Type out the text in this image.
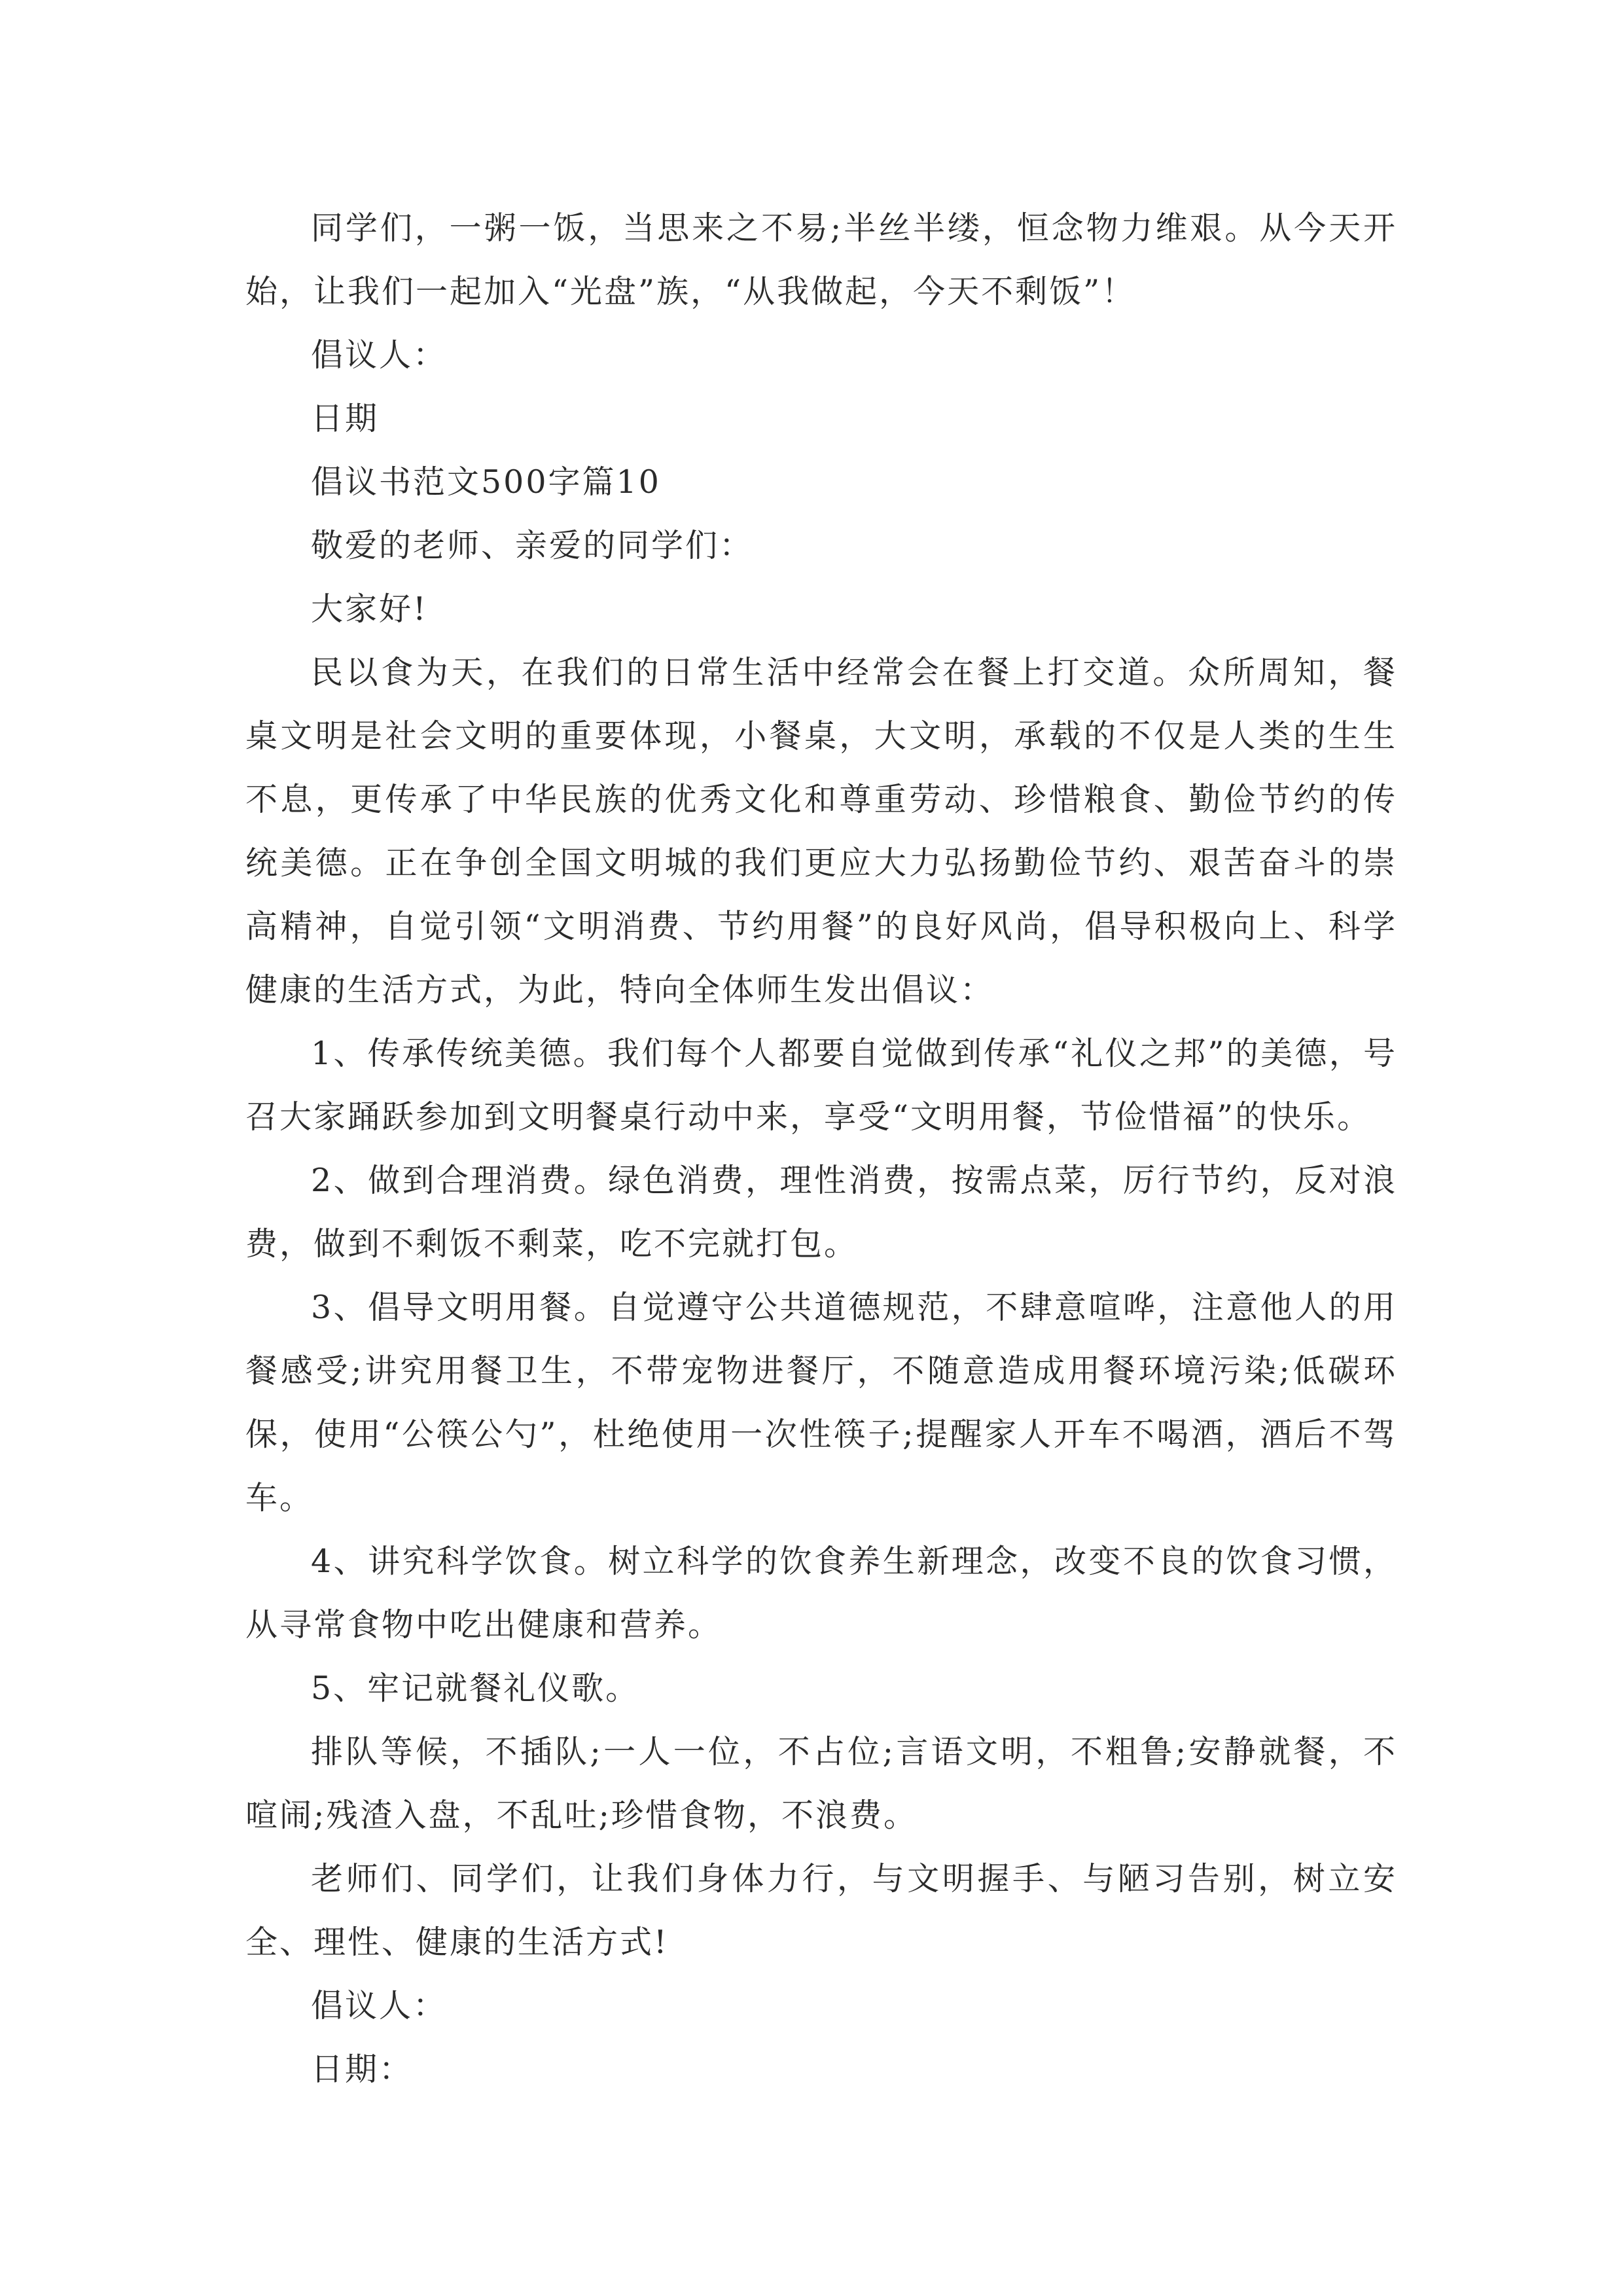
同学们，一粥一饭，当思来之不易;半丝半缕，恒念物力维艰。从今天开始，让我们一起加入“光盘”族，“从我做起，今天不剩饭”！

倡议人：

日期

倡议书范文500字篇10

敬爱的老师、亲爱的同学们：

大家好!

民以食为天，在我们的日常生活中经常会在餐上打交道。众所周知，餐桌文明是社会文明的重要体现，小餐桌，大文明，承载的不仅是人类的生生不息，更传承了中华民族的优秀文化和尊重劳动、珍惜粮食、勤俭节约的传统美德。正在争创全国文明城的我们更应大力弘扬勤俭节约、艰苦奋斗的崇高精神，自觉引领“文明消费、节约用餐”的良好风尚，倡导积极向上、科学健康的生活方式，为此，特向全体师生发出倡议：

1、传承传统美德。我们每个人都要自觉做到传承“礼仪之邦”的美德，号召大家踊跃参加到文明餐桌行动中来，享受“文明用餐，节俭惜福”的快乐。

2、做到合理消费。绿色消费，理性消费，按需点菜，厉行节约，反对浪费，做到不剩饭不剩菜，吃不完就打包。

3、倡导文明用餐。自觉遵守公共道德规范，不肆意喧哗，注意他人的用餐感受;讲究用餐卫生，不带宠物进餐厅，不随意造成用餐环境污染;低碳环保，使用“公筷公勺”，杜绝使用一次性筷子;提醒家人开车不喝酒，酒后不驾车。

4、讲究科学饮食。树立科学的饮食养生新理念，改变不良的饮食习惯，从寻常食物中吃出健康和营养。

5、牢记就餐礼仪歌。

排队等候，不插队;一人一位，不占位;言语文明，不粗鲁;安静就餐，不喧闹;残渣入盘，不乱吐;珍惜食物，不浪费。

老师们、同学们，让我们身体力行，与文明握手、与陋习告别，树立安全、理性、健康的生活方式!

倡议人：

日期：
